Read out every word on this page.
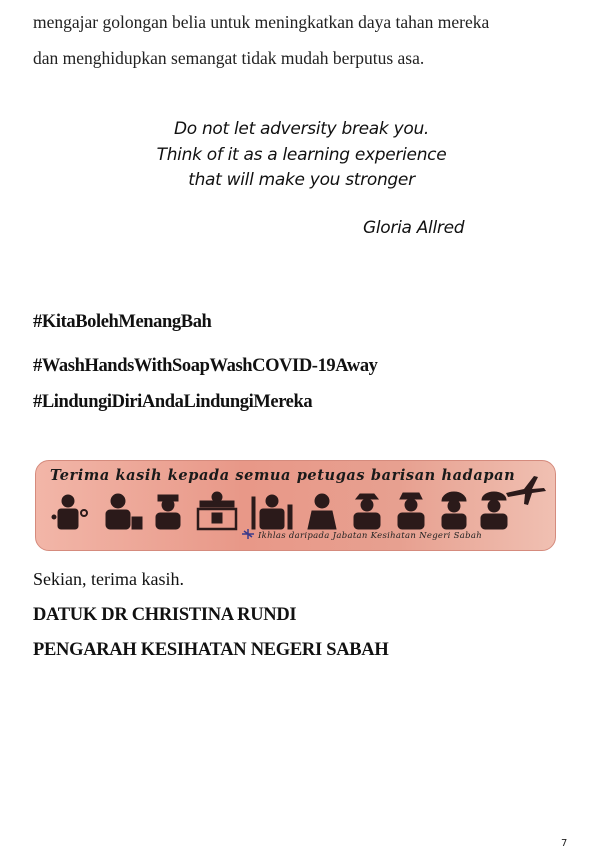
mengajar golongan belia untuk meningkatkan daya tahan mereka
dan menghidupkan semangat tidak mudah berputus asa.
Do not let adversity break you.
Think of it as a learning experience
that will make you stronger
Gloria Allred
#KitaBolehMenangBah
#WashHandsWithSoapWashCOVID-19Away
#LindungiDiriAndaLindungiMereka
Terima kasih kepada semua petugas barisan hadapan
Ikhlas daripada Jabatan Kesihatan Negeri Sabah
Sekian, terima kasih.
DATUK DR CHRISTINA RUNDI
PENGARAH KESIHATAN NEGERI SABAH
7
